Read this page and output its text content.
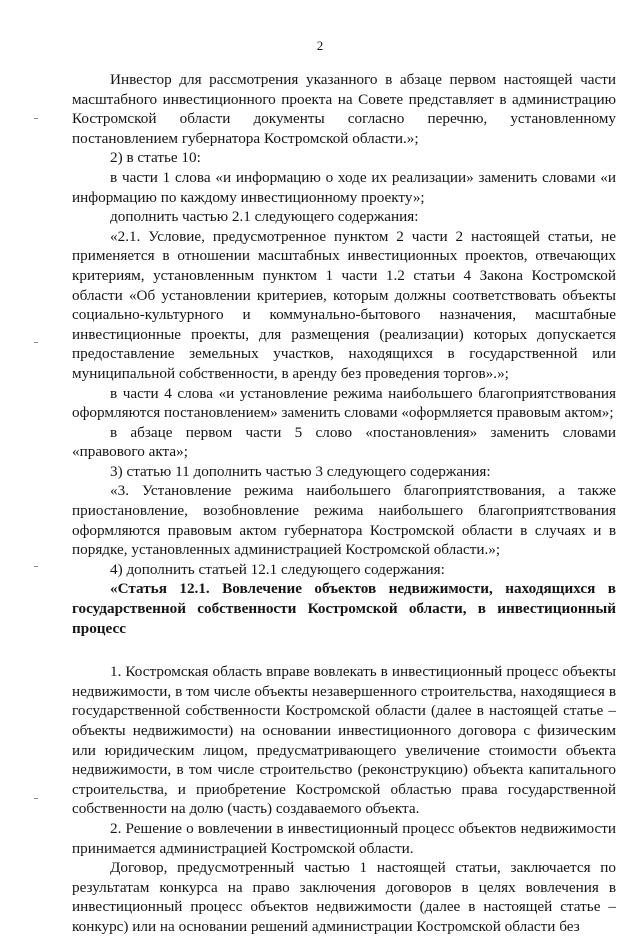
2

Инвестор для рассмотрения указанного в абзаце первом настоящей части масштабного инвестиционного проекта на Совете представляет в администрацию Костромской области документы согласно перечню, установленному постановлением губернатора Костромской области.»;

2) в статье 10:

в части 1 слова «и информацию о ходе их реализации» заменить словами «и информацию по каждому инвестиционному проекту»;

дополнить частью 2.1 следующего содержания:

«2.1. Условие, предусмотренное пунктом 2 части 2 настоящей статьи, не применяется в отношении масштабных инвестиционных проектов, отвечающих критериям, установленным пунктом 1 части 1.2 статьи 4 Закона Костромской области «Об установлении критериев, которым должны соответствовать объекты социально-культурного и коммунально-бытового назначения, масштабные инвестиционные проекты, для размещения (реализации) которых допускается предоставление земельных участков, находящихся в государственной или муниципальной собственности, в аренду без проведения торгов».»;

в части 4 слова «и установление режима наибольшего благоприятствования оформляются постановлением» заменить словами «оформляется правовым актом»;

в абзаце первом части 5 слово «постановления» заменить словами «правового акта»;

3) статью 11 дополнить частью 3 следующего содержания:

«3. Установление режима наибольшего благоприятствования, а также приостановление, возобновление режима наибольшего благоприятствования оформляются правовым актом губернатора Костромской области в случаях и в порядке, установленных администрацией Костромской области.»;

4) дополнить статьей 12.1 следующего содержания:

«Статья 12.1. Вовлечение объектов недвижимости, находящихся в государственной собственности Костромской области, в инвестиционный процесс

1. Костромская область вправе вовлекать в инвестиционный процесс объекты недвижимости, в том числе объекты незавершенного строительства, находящиеся в государственной собственности Костромской области (далее в настоящей статье – объекты недвижимости) на основании инвестиционного договора с физическим или юридическим лицом, предусматривающего увеличение стоимости объекта недвижимости, в том числе строительство (реконструкцию) объекта капитального строительства, и приобретение Костромской областью права государственной собственности на долю (часть) создаваемого объекта.

2. Решение о вовлечении в инвестиционный процесс объектов недвижимости принимается администрацией Костромской области.

Договор, предусмотренный частью 1 настоящей статьи, заключается по результатам конкурса на право заключения договоров в целях вовлечения в инвестиционный процесс объектов недвижимости (далее в настоящей статье – конкурс) или на основании решений администрации Костромской области без
